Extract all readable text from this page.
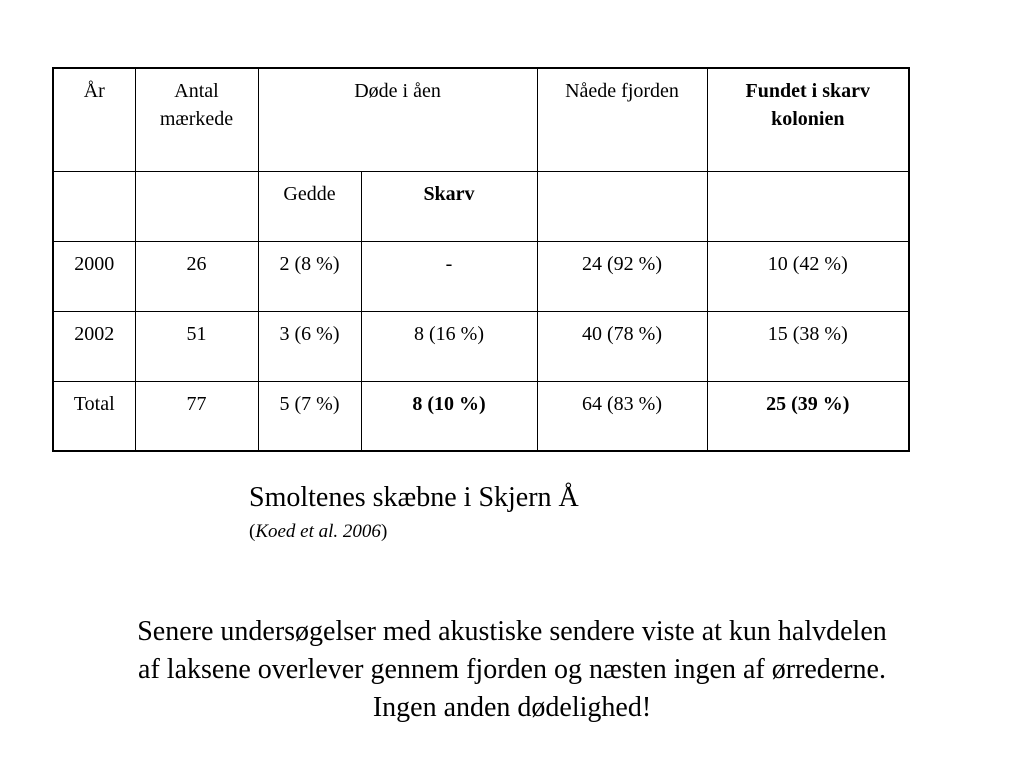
År	Antal mærkede	Døde i åen		Nåede fjorden	Fundet i skarv kolonien
		Gedde	Skarv		
2000	26	2 (8 %)	-	24 (92 %)	10 (42 %)
2002	51	3 (6 %)	8 (16 %)	40 (78 %)	15 (38 %)
Total	77	5 (7 %)	8 (10 %)	64 (83 %)	25 (39 %)
Smoltenes skæbne i Skjern Å
(Koed et al. 2006)
Senere undersøgelser med akustiske sendere viste at kun halvdelen
af laksene overlever gennem fjorden og næsten ingen af ørrederne.
Ingen anden dødelighed!
